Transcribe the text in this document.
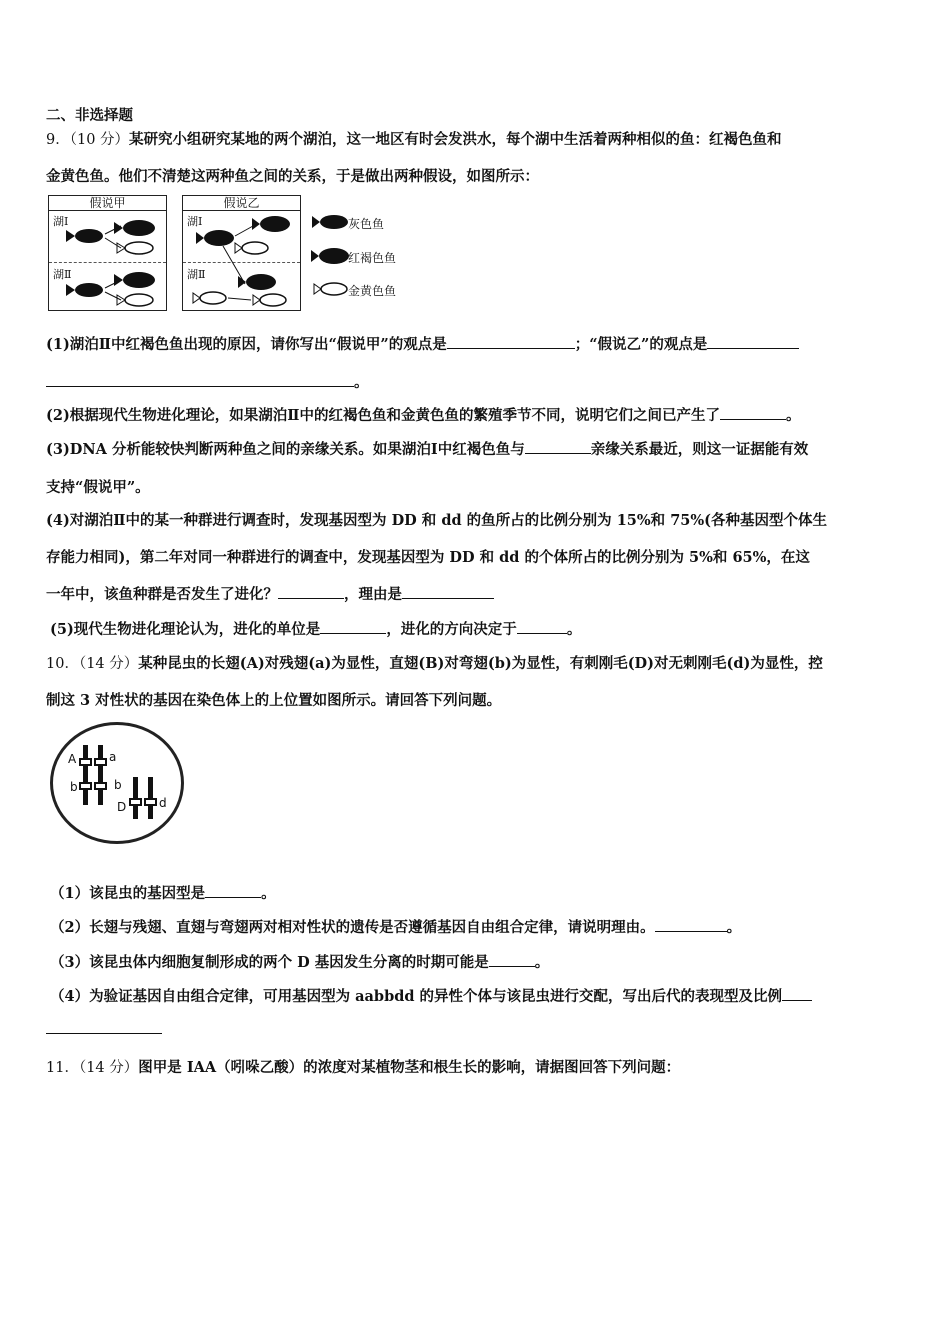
二、非选择题
9．（10 分）某研究小组研究某地的两个湖泊，这一地区有时会发洪水，每个湖中生活着两种相似的鱼：红褐色鱼和
金黄色鱼。他们不清楚这两种鱼之间的关系，于是做出两种假设，如图所示：
假说甲
湖Ⅰ
湖Ⅱ
假说乙
湖Ⅰ
湖Ⅱ
灰色鱼
红褐色鱼
金黄色鱼
(1)湖泊Ⅱ中红褐色鱼出现的原因，请你写出“假说甲”的观点是	；“假说乙”的观点是
。
(2)根据现代生物进化理论，如果湖泊Ⅱ中的红褐色鱼和金黄色鱼的繁殖季节不同，说明它们之间已产生了	。
(3)DNA 分析能较快判断两种鱼之间的亲缘关系。如果湖泊Ⅰ中红褐色鱼与	亲缘关系最近，则这一证据能有效
支持“假说甲”。
(4)对湖泊Ⅱ中的某一种群进行调查时，发现基因型为 DD 和 dd 的鱼所占的比例分别为 15%和 75%(各种基因型个体生
存能力相同)，第二年对同一种群进行的调查中，发现基因型为 DD 和 dd 的个体所占的比例分别为 5%和 65%，在这
一年中，该鱼种群是否发生了进化？	，理由是
(5)现代生物进化理论认为，进化的单位是	，进化的方向决定于	。
10．（14 分）某种昆虫的长翅(A)对残翅(a)为显性，直翅(B)对弯翅(b)为显性，有刺刚毛(D)对无刺刚毛(d)为显性，控
制这 3 对性状的基因在染色体上的上位置如图所示。请回答下列问题。
A	a
b	b
D	d
（1）该昆虫的基因型是	。
（2）长翅与残翅、直翅与弯翅两对相对性状的遗传是否遵循基因自由组合定律，请说明理由。	。
（3）该昆虫体内细胞复制形成的两个 D 基因发生分离的时期可能是	。
（4）为验证基因自由组合定律，可用基因型为 aabbdd 的异性个体与该昆虫进行交配，写出后代的表现型及比例
11．（14 分）图甲是 IAA（吲哚乙酸）的浓度对某植物茎和根生长的影响，请据图回答下列问题：
